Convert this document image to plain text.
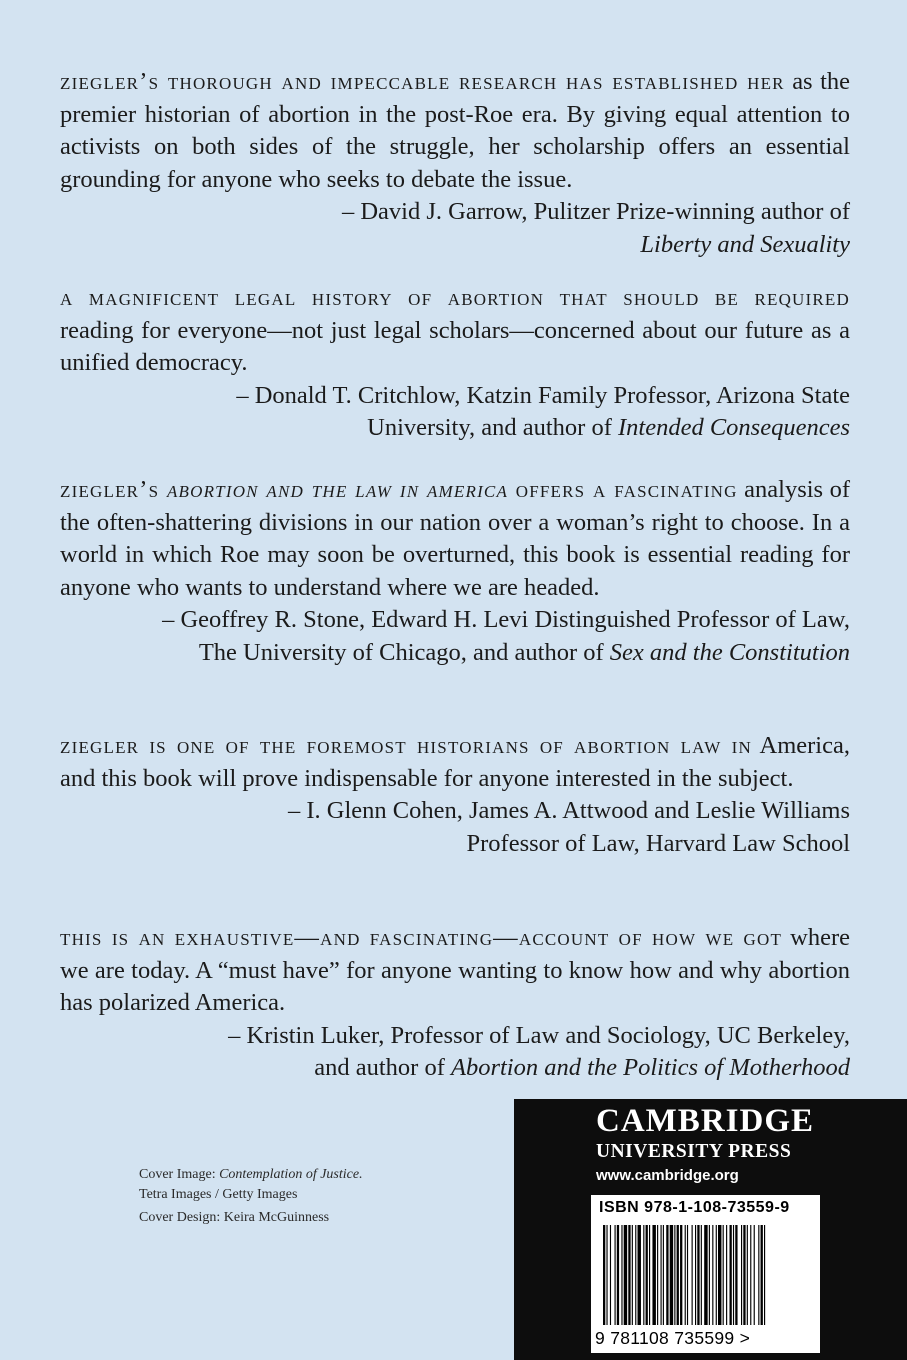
ziegler’s thorough and impeccable research has established her as the premier historian of abortion in the post-Roe era. By giving equal attention to activists on both sides of the struggle, her scholarship offers an essential grounding for anyone who seeks to debate the issue.

– David J. Garrow, Pulitzer Prize-winning author of
Liberty and Sexuality

a magnificent legal history of abortion that should be required reading for everyone—not just legal scholars—concerned about our future as a unified democracy.

– Donald T. Critchlow, Katzin Family Professor, Arizona State
University, and author of Intended Consequences

ziegler’s abortion and the law in america offers a fascinating analysis of the often-shattering divisions in our nation over a woman’s right to choose. In a world in which Roe may soon be overturned, this book is essential reading for anyone who wants to understand where we are headed.

– Geoffrey R. Stone, Edward H. Levi Distinguished Professor of Law,
The University of Chicago, and author of Sex and the Constitution

ziegler is one of the foremost historians of abortion law in America, and this book will prove indispensable for anyone interested in the subject.

– I. Glenn Cohen, James A. Attwood and Leslie Williams
Professor of Law, Harvard Law School

this is an exhaustive—and fascinating—account of how we got where we are today. A “must have” for anyone wanting to know how and why abortion has polarized America.

– Kristin Luker, Professor of Law and Sociology, UC Berkeley,
and author of Abortion and the Politics of Motherhood
Cover Image: Contemplation of Justice.
Tetra Images / Getty Images
Cover Design: Keira McGuinness
CAMBRIDGE
UNIVERSITY PRESS
www.cambridge.org
ISBN 978-1-108-73559-9
9 781108 735599 >
